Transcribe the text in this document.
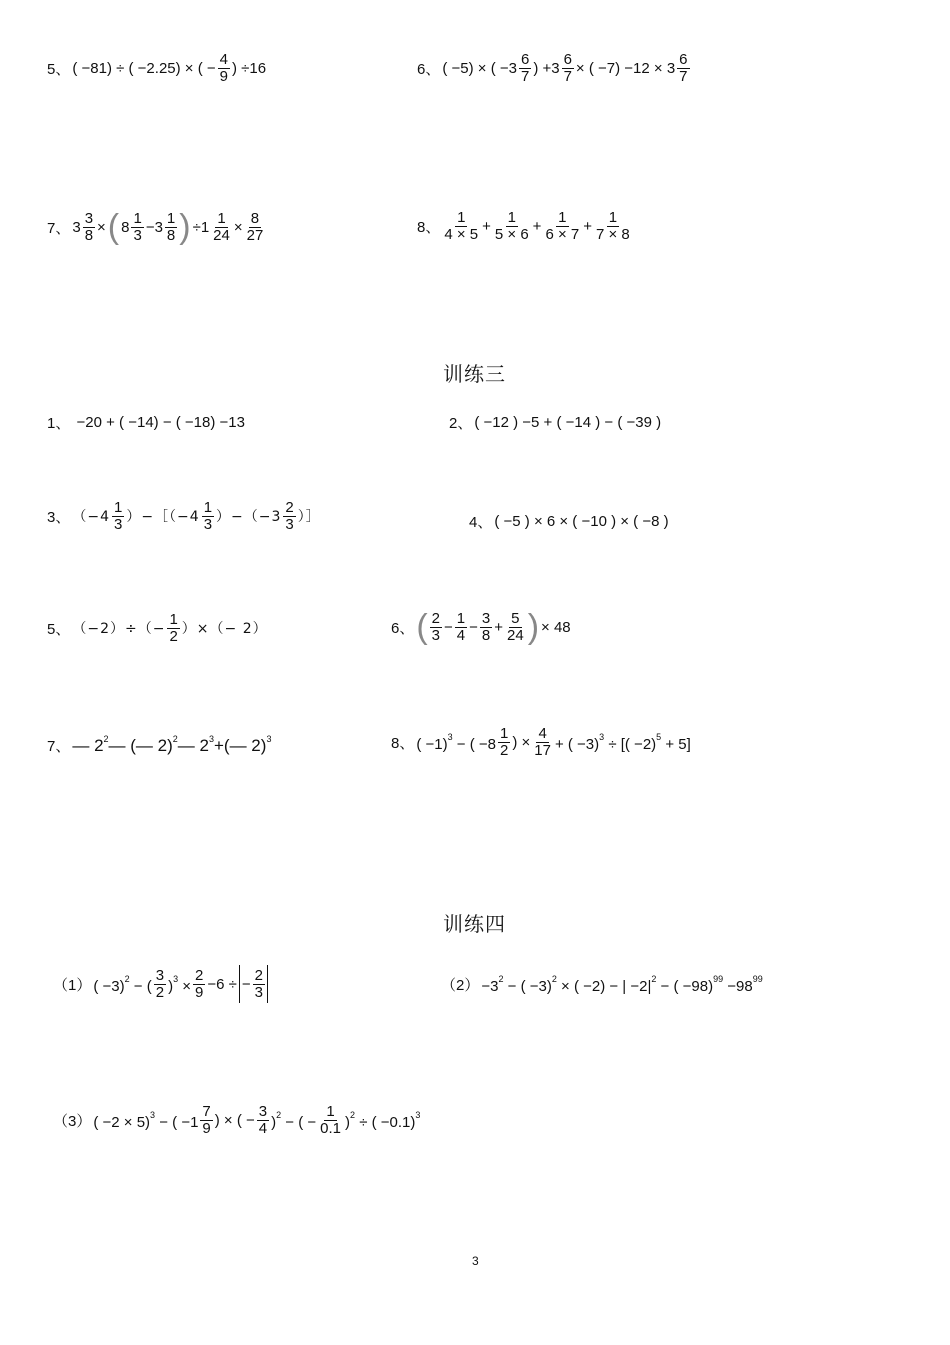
5、 ( −81) ÷ ( −2.25) × ( − $\frac{4}{9}$ ) ÷16	6、 ( −5) × ( $-3 \frac{6}{7}$ ) $+3 \frac{6}{7}$ × ( $-7) -12 \times 3 \frac{6}{7}$
7、 $3 \frac{3}{8}$ × ( $8 \frac{1}{3} -3 \frac{1}{8}$ ) $\div 1 \frac{1}{24} \times \frac{8}{27}$	8、 $\frac{1}{4 \times 5} + \frac{1}{5 \times 6} + \frac{1}{6 \times 7} + \frac{1}{7 \times 8}$
训练三
1、 −20 + ( −14) − ( −18) −13	2、 ( −12 ) −5 + ( −14 ) − ( −39 )
3、 （$-4 \frac{1}{3}$ ）−［（−4 $\frac{1}{3} )-(-3 \frac{2}{3}$ ）］	4、 ( −5 ) × 6 × ( −10 ) × ( −8 )
5、 $(-2)\div(- \frac{1}{2}$ ）×（− 2）	6、 ( $\frac{2}{3} - \frac{1}{4} - \frac{3}{8} + \frac{5}{24}$ ) × 48
7、 — $2^2—$ (— 2)$^2$— $2^3+(—$ 2)$^3$	8、 ( −1)$^3$ − ( $-8 \frac{1}{2}$ ) × $\frac{4}{17}$ + ( −3)$^3$ ÷ [( −2)$^5$ + 5]
训练四
（1） ( −3)$^2$ − ( $\frac{3}{2} )^3 \times \frac{2}{9} -6$ ÷ − $\frac{2}{3}$	$(2) -3^2$ − ( −3)$^2$ × ( −2) − | $-2|^2$ − ( $-98)^{99} -98^{99}$
（3） ( −2 × 5)$^3$ − ( $-1 \frac{7}{9}$ ) × ( − $\frac{3}{4} )^2$ − ( − $\frac{1}{0.1} )^2$ ÷ ( −0.1)$^3$
3
